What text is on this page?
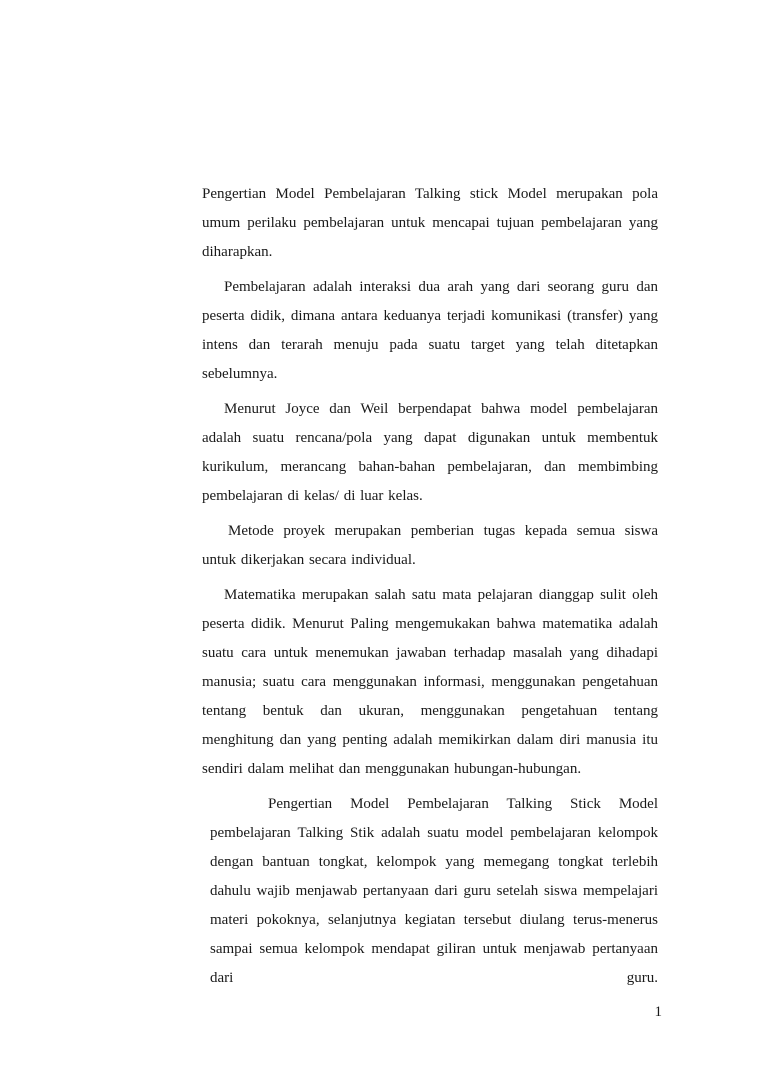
Pengertian Model Pembelajaran Talking stick Model merupakan pola umum perilaku pembelajaran untuk mencapai tujuan pembelajaran yang diharapkan.

Pembelajaran adalah interaksi dua arah yang dari seorang guru dan peserta didik, dimana antara keduanya terjadi komunikasi (transfer) yang intens dan terarah menuju pada suatu target yang telah ditetapkan sebelumnya.

Menurut Joyce dan Weil berpendapat bahwa model pembelajaran adalah suatu rencana/pola yang dapat digunakan untuk membentuk kurikulum, merancang bahan-bahan pembelajaran, dan membimbing pembelajaran di kelas/ di luar kelas.

Metode proyek merupakan pemberian tugas kepada semua siswa untuk dikerjakan secara individual.

Matematika merupakan salah satu mata pelajaran dianggap sulit oleh peserta didik. Menurut Paling mengemukakan bahwa matematika adalah suatu cara untuk menemukan jawaban terhadap masalah yang dihadapi manusia; suatu cara menggunakan informasi, menggunakan pengetahuan tentang bentuk dan ukuran, menggunakan pengetahuan tentang menghitung dan yang penting adalah memikirkan dalam diri manusia itu sendiri dalam melihat dan menggunakan hubungan-hubungan.

Pengertian Model Pembelajaran Talking Stick Model pembelajaran Talking Stik adalah suatu model pembelajaran kelompok dengan bantuan tongkat, kelompok yang memegang tongkat terlebih dahulu wajib menjawab pertanyaan dari guru setelah siswa mempelajari materi pokoknya, selanjutnya kegiatan tersebut diulang terus-menerus sampai semua kelompok mendapat giliran untuk menjawab pertanyaan dari guru.

1
